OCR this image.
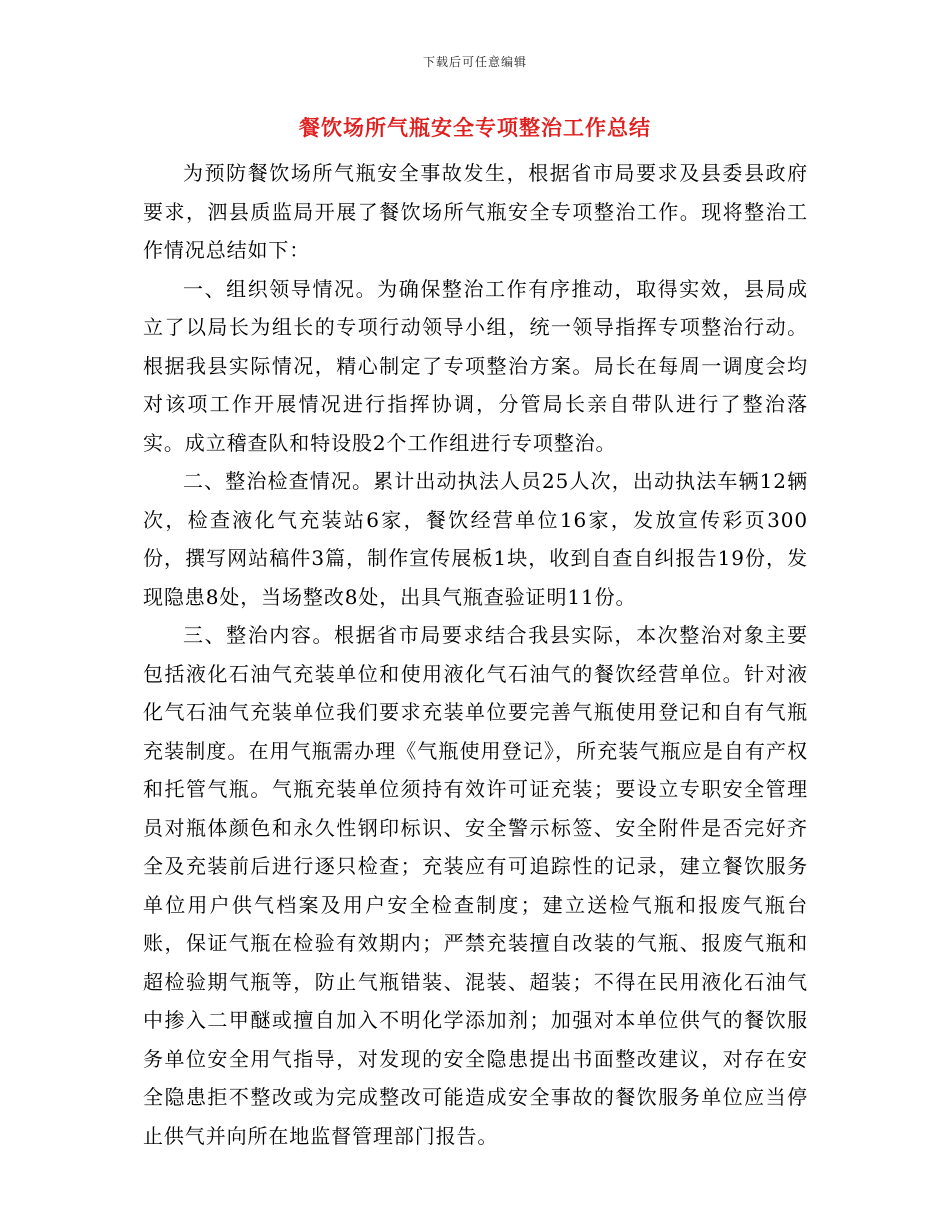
下载后可任意编辑
餐饮场所气瓶安全专项整治工作总结

为预防餐饮场所气瓶安全事故发生，根据省市局要求及县委县政府要求，泗县质监局开展了餐饮场所气瓶安全专项整治工作。现将整治工作情况总结如下：

一、组织领导情况。为确保整治工作有序推动，取得实效，县局成立了以局长为组长的专项行动领导小组，统一领导指挥专项整治行动。根据我县实际情况，精心制定了专项整治方案。局长在每周一调度会均对该项工作开展情况进行指挥协调，分管局长亲自带队进行了整治落实。成立稽查队和特设股2个工作组进行专项整治。

二、整治检查情况。累计出动执法人员25人次，出动执法车辆12辆次，检查液化气充装站6家，餐饮经营单位16家，发放宣传彩页300份，撰写网站稿件3篇，制作宣传展板1块，收到自查自纠报告19份，发现隐患8处，当场整改8处，出具气瓶查验证明11份。

三、整治内容。根据省市局要求结合我县实际，本次整治对象主要包括液化石油气充装单位和使用液化气石油气的餐饮经营单位。针对液化气石油气充装单位我们要求充装单位要完善气瓶使用登记和自有气瓶充装制度。在用气瓶需办理《气瓶使用登记》，所充装气瓶应是自有产权和托管气瓶。气瓶充装单位须持有效许可证充装；要设立专职安全管理员对瓶体颜色和永久性钢印标识、安全警示标签、安全附件是否完好齐全及充装前后进行逐只检查；充装应有可追踪性的记录，建立餐饮服务单位用户供气档案及用户安全检查制度；建立送检气瓶和报废气瓶台账，保证气瓶在检验有效期内；严禁充装擅自改装的气瓶、报废气瓶和超检验期气瓶等，防止气瓶错装、混装、超装；不得在民用液化石油气中掺入二甲醚或擅自加入不明化学添加剂；加强对本单位供气的餐饮服务单位安全用气指导，对发现的安全隐患提出书面整改建议，对存在安全隐患拒不整改或为完成整改可能造成安全事故的餐饮服务单位应当停止供气并向所在地监督管理部门报告。
